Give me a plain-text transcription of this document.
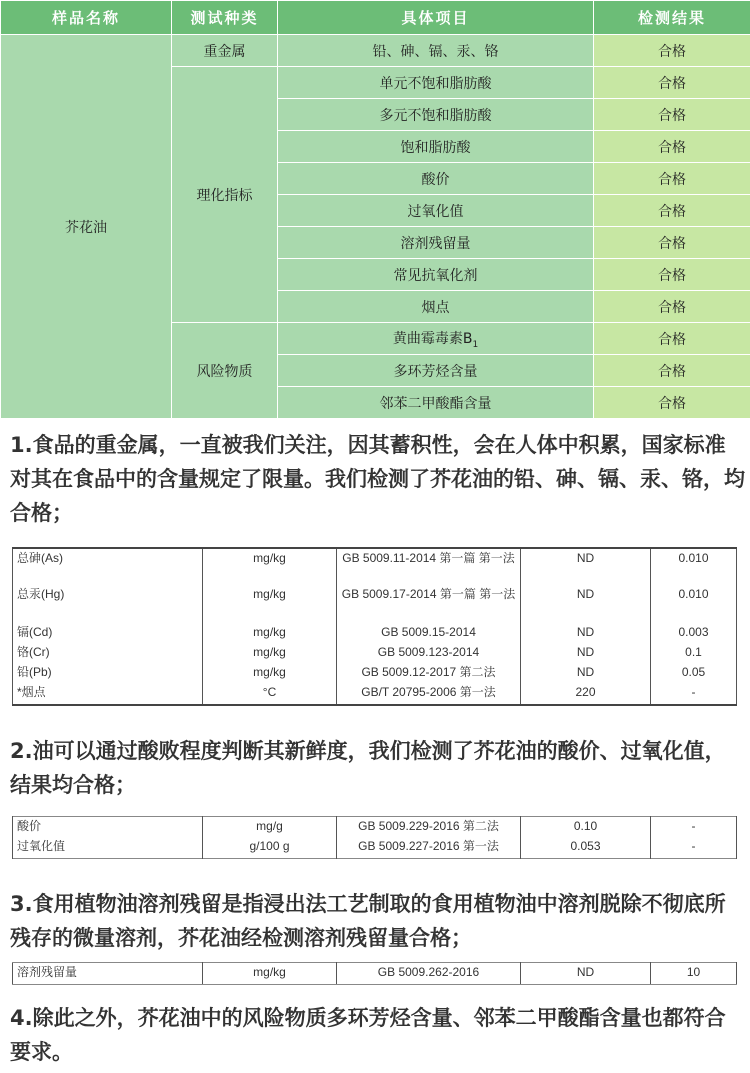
样品名称	测试种类	具体项目	检测结果
芥花油	重金属	铅、砷、镉、汞、铬	合格
	理化指标	单元不饱和脂肪酸	合格
		多元不饱和脂肪酸	合格
		饱和脂肪酸	合格
		酸价	合格
		过氧化值	合格
		溶剂残留量	合格
		常见抗氧化剂	合格
		烟点	合格
	风险物质	黄曲霉毒素$B_1$	合格
		多环芳烃含量	合格
		邻苯二甲酸酯含量	合格

1.食品的重金属，一直被我们关注，因其蓄积性，会在人体中积累，国家标准对其在食品中的含量规定了限量。我们检测了芥花油的铅、砷、镉、汞、铬，均合格；

总砷(As)	mg/kg	GB 5009.11-2014 第一篇 第一法	ND	0.010
总汞(Hg)	mg/kg	GB 5009.17-2014 第一篇 第一法	ND	0.010
镉(Cd)	mg/kg	GB 5009.15-2014	ND	0.003
铬(Cr)	mg/kg	GB 5009.123-2014	ND	0.1
铅(Pb)	mg/kg	GB 5009.12-2017 第二法	ND	0.05
*烟点	°C	GB/T 20795-2006 第一法	220	-

2.油可以通过酸败程度判断其新鲜度，我们检测了芥花油的酸价、过氧化值，结果均合格；

酸价	mg/g	GB 5009.229-2016 第二法	0.10	-
过氧化值	g/100 g	GB 5009.227-2016 第一法	0.053	-

3.食用植物油溶剂残留是指浸出法工艺制取的食用植物油中溶剂脱除不彻底所残存的微量溶剂，芥花油经检测溶剂残留量合格；

溶剂残留量	mg/kg	GB 5009.262-2016	ND	10

4.除此之外，芥花油中的风险物质多环芳烃含量、邻苯二甲酸酯含量也都符合要求。
